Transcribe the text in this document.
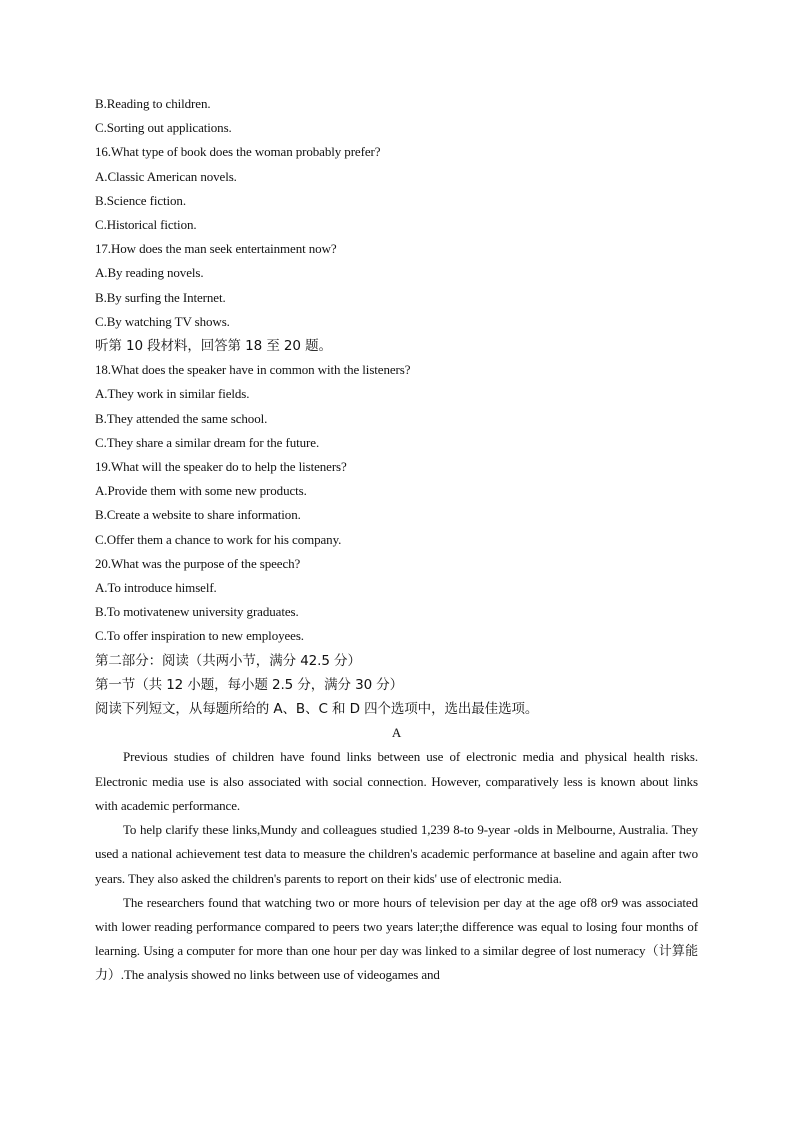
B.Reading to children.
C.Sorting out applications.
16.What type of book does the woman probably prefer?
A.Classic American novels.
B.Science fiction.
C.Historical fiction.
17.How does the man seek entertainment now?
A.By reading novels.
B.By surfing the Internet.
C.By watching TV shows.
听第 10 段材料，回答第 18 至 20 题。
18.What does the speaker have in common with the listeners?
A.They work in similar fields.
B.They attended the same school.
C.They share a similar dream for the future.
19.What will the speaker do to help the listeners?
A.Provide them with some new products.
B.Create a website to share information.
C.Offer them a chance to work for his company.
20.What was the purpose of the speech?
A.To introduce himself.
B.To motivatenew university graduates.
C.To offer inspiration to new employees.
第二部分：阅读（共两小节，满分 42.5 分）
第一节（共 12 小题，每小题 2.5 分，满分 30 分）
阅读下列短文，从每题所给的 A、B、C 和 D 四个选项中，选出最佳选项。
A

Previous studies of children have found links between use of electronic media and physical health risks. Electronic media use is also associated with social connection. However, comparatively less is known about links with academic performance.

To help clarify these links,Mundy and colleagues studied 1,239 8-to 9-year -olds in Melbourne, Australia. They used a national achievement test data to measure the children's academic performance at baseline and again after two years. They also asked the children's parents to report on their kids' use of electronic media.

The researchers found that watching two or more hours of television per day at the age of8 or9 was associated with lower reading performance compared to peers two years later;the difference was equal to losing four months of learning. Using a computer for more than one hour per day was linked to a similar degree of lost numeracy（计算能力）.The analysis showed no links between use of videogames and
